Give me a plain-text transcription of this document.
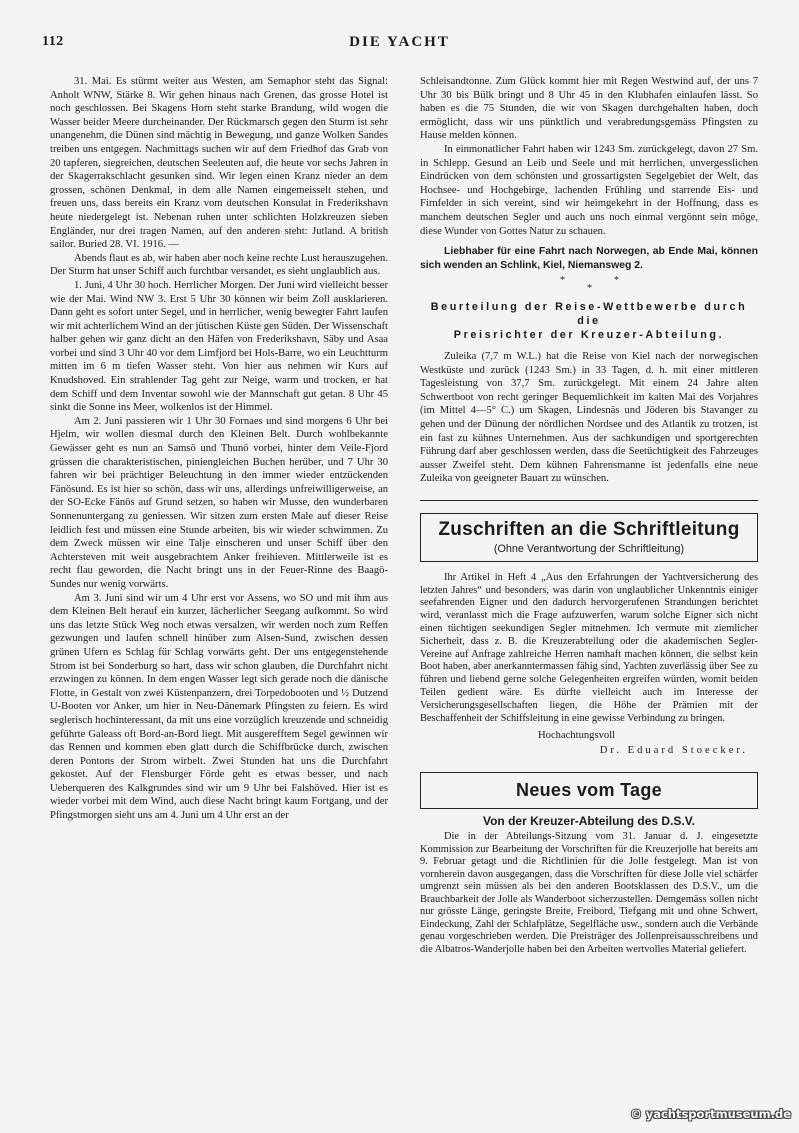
112	DIE YACHT

31. Mai. Es stürmt weiter aus Westen, am Semaphor steht das Signal: Anholt WNW, Stärke 8. Wir gehen hinaus nach Grenen, das grosse Hotel ist noch geschlossen. Bei Skagens Horn steht starke Brandung, wild wogen die Wasser beider Meere durcheinander. Der Rückmarsch gegen den Sturm ist sehr unangenehm, die Dünen sind mächtig in Bewegung, und ganze Wolken Sandes treiben uns entgegen. Nachmittags suchen wir auf dem Friedhof das Grab von 20 tapferen, siegreichen, deutschen Seeleuten auf, die heute vor sechs Jahren in der Skagerrakschlacht gesunken sind. Wir legen einen Kranz nieder an dem grossen, schönen Denkmal, in dem alle Namen eingemeisselt stehen, und freuen uns, dass bereits ein Kranz vom deutschen Konsulat in Frederikshavn heute niedergelegt ist. Nebenan ruhen unter schlichten Holzkreuzen sieben Engländer, nur drei tragen Namen, auf den anderen steht: Jutland. A british sailor. Buried 28. VI. 1916. —

Abends flaut es ab, wir haben aber noch keine rechte Lust herauszugehen. Der Sturm hat unser Schiff auch furchtbar versandet, es sieht unglaublich aus.

1. Juni, 4 Uhr 30 hoch. Herrlicher Morgen. Der Juni wird vielleicht besser wie der Mai. Wind NW 3. Erst 5 Uhr 30 können wir beim Zoll ausklarieren. Dann geht es sofort unter Segel, und in herrlicher, wenig bewegter Fahrt laufen wir mit achterlichem Wind an der jütischen Küste gen Süden. Der Wissenschaft halber gehen wir ganz dicht an den Häfen von Frederikshavn, Säby und Asaa vorbei und sind 3 Uhr 40 vor dem Limfjord bei Hols-Barre, wo ein Leuchtturm mitten im 6 m tiefen Wasser steht. Von hier aus nehmen wir Kurs auf Knudshoved. Ein strahlender Tag geht zur Neige, warm und trocken, er hat dem Schiff und dem Inventar sowohl wie der Mannschaft gut getan. 8 Uhr 45 sinkt die Sonne ins Meer, wolkenlos ist der Himmel.

Am 2. Juni passieren wir 1 Uhr 30 Fornaes und sind morgens 6 Uhr bei Hjelm, wir wollen diesmal durch den Kleinen Belt. Durch wohlbekannte Gewässer geht es nun an Samsö und Thunö vorbei, hinter dem Veile-Fjord grüssen die charakteristischen, piniengleichen Buchen herüber, und 7 Uhr 30 fahren wir bei prächtiger Beleuchtung in den immer wieder entzückenden Fänösund. Es ist hier so schön, dass wir uns, allerdings unfreiwilligerweise, an der SO-Ecke Fänös auf Grund setzen, so haben wir Musse, den wunderbaren Sonnenuntergang zu geniessen. Wir sitzen zum ersten Male auf dieser Reise leidlich fest und müssen eine Stunde arbeiten, bis wir wieder schwimmen. Zu dem Zweck müssen wir eine Talje einscheren und unser Schiff über den Achtersteven mit weit ausgebrachtem Anker freihieven. Mittlerweile ist es recht flau geworden, die Nacht bringt uns in der Feuer-Rinne des Baagö-Sundes nur wenig vorwärts.

Am 3. Juni sind wir um 4 Uhr erst vor Assens, wo SO und mit ihm aus dem Kleinen Belt herauf ein kurzer, lächerlicher Seegang aufkommt. So wird uns das letzte Stück Weg noch etwas versalzen, wir werden noch zum Reffen gezwungen und laufen schnell hinüber zum Alsen-Sund, zwischen dessen grünen Ufern es Schlag für Schlag vorwärts geht. Der uns entgegenstehende Strom ist bei Sonderburg so hart, dass wir schon glauben, die Durchfahrt nicht erzwingen zu können. In dem engen Wasser legt sich gerade noch die dänische Flotte, in Gestalt von zwei Küstenpanzern, drei Torpedobooten und ½ Dutzend U-Booten vor Anker, um hier in Neu-Dänemark Pfingsten zu feiern. Es wird seglerisch hochinteressant, da mit uns eine vorzüglich kreuzende und schneidig geführte Galeass oft Bord-an-Bord liegt. Mit ausgerefftem Segel gewinnen wir das Rennen und kommen eben glatt durch die Schiffbrücke durch, zwischen deren Pontons der Strom wirbelt. Zwei Stunden hat uns die Durchfahrt gekostet. Auf der Flensburger Förde geht es etwas besser, und nach Ueberqueren des Kalkgrundes sind wir um 9 Uhr bei Falshöved. Hier ist es wieder vorbei mit dem Wind, auch diese Nacht bringt kaum Fortgang, und der Pfingstmorgen sieht uns am 4. Juni um 4 Uhr erst an der

Schleisandtonne. Zum Glück kommt hier mit Regen Westwind auf, der uns 7 Uhr 30 bis Bülk bringt und 8 Uhr 45 in den Klubhafen einlaufen lässt. So haben es die 75 Stunden, die wir von Skagen durchgehalten haben, doch ermöglicht, dass wir uns pünktlich und verabredungsgemäss Pfingsten zu Hause melden können.

In einmonatlicher Fahrt haben wir 1243 Sm. zurückgelegt, davon 27 Sm. in Schlepp. Gesund an Leib und Seele und mit herrlichen, unvergesslichen Eindrücken von dem schönsten und grossartigsten Segelgebiet der Welt, das Hochsee- und Hochgebirge, lachenden Frühling und starrende Eis- und Firnfelder in sich vereint, sind wir heimgekehrt in der Hoffnung, dass es manchem deutschen Segler und auch uns noch einmal vergönnt sein möge, diese Wunder von Gottes Natur zu schauen.

Liebhaber für eine Fahrt nach Norwegen, ab Ende Mai, können sich wenden an Schlink, Kiel, Niemansweg 2.

*	*
*
Beurteilung der Reise-Wettbewerbe durch die
Preisrichter der Kreuzer-Abteilung.

Zuleika (7,7 m W.L.) hat die Reise von Kiel nach der norwegischen Westküste und zurück (1243 Sm.) in 33 Tagen, d. h. mit einer mittleren Tagesleistung von 37,7 Sm. zurückgelegt. Mit einem 24 Jahre alten Schwertboot von recht geringer Bequemlichkeit im kalten Mai des Vorjahres (im Mittel 4—5° C.) um Skagen, Lindesnäs und Jöderen bis Stavanger zu gehen und der Dünung der nördlichen Nordsee und des Atlantik zu trotzen, ist ein fast zu kühnes Unternehmen. Aus der sachkundigen und sportgerechten Führung darf aber geschlossen werden, dass die Seetüchtigkeit des Fahrzeuges ausser Zweifel steht. Dem kühnen Fahrensmanne ist jedenfalls eine neue Zuleika von geeigneter Bauart zu wünschen.

Zuschriften an die Schriftleitung
(Ohne Verantwortung der Schriftleitung)

Ihr Artikel in Heft 4 „Aus den Erfahrungen der Yachtversicherung des letzten Jahres“ und besonders, was darin von unglaublicher Unkenntnis einiger seefahrenden Eigner und den dadurch hervorgerufenen Strandungen berichtet wird, veranlasst mich die Frage aufzuwerfen, warum solche Eigner sich nicht einen tüchtigen seekundigen Segler mitnehmen. Ich vermute mit ziemlicher Sicherheit, dass z. B. die Kreuzerabteilung oder die akademischen Segler-Vereine auf Anfrage zahlreiche Herren namhaft machen können, die selbst kein Boot haben, aber anerkanntermassen fähig sind, Yachten zuverlässig über See zu führen und liebend gerne solche Gelegenheiten ergreifen würden, womit beiden Teilen gedient wäre. Es dürfte vielleicht auch im Interesse der Versicherungsgesellschaften liegen, die Höhe der Prämien mit der Beschaffenheit der Schiffsleitung in eine gewisse Verbindung zu bringen.

Hochachtungsvoll
Dr. Eduard Stoecker.
Neues vom Tage
Von der Kreuzer-Abteilung des D.S.V.

Die in der Abteilungs-Sitzung vom 31. Januar d. J. eingesetzte Kommission zur Bearbeitung der Vorschriften für die Kreuzerjolle hat bereits am 9. Februar getagt und die Richtlinien für die Jolle festgelegt. Man ist von vornherein davon ausgegangen, dass die Vorschriften für diese Jolle viel schärfer umgrenzt sein müssen als bei den anderen Bootsklassen des D.S.V., um die Brauchbarkeit der Jolle als Wanderboot sicherzustellen. Demgemäss sollen nicht nur grösste Länge, geringste Breite, Freibord, Tiefgang mit und ohne Schwert, Eindeckung, Zahl der Schlafplätze, Segelfläche usw., sondern auch die Verbände genau vorgeschrieben werden. Die Preisträger des Jollenpreisausschreibens und die Albatros-Wanderjolle haben bei den Arbeiten wertvolles Material geliefert.

© yachtsportmuseum.de
